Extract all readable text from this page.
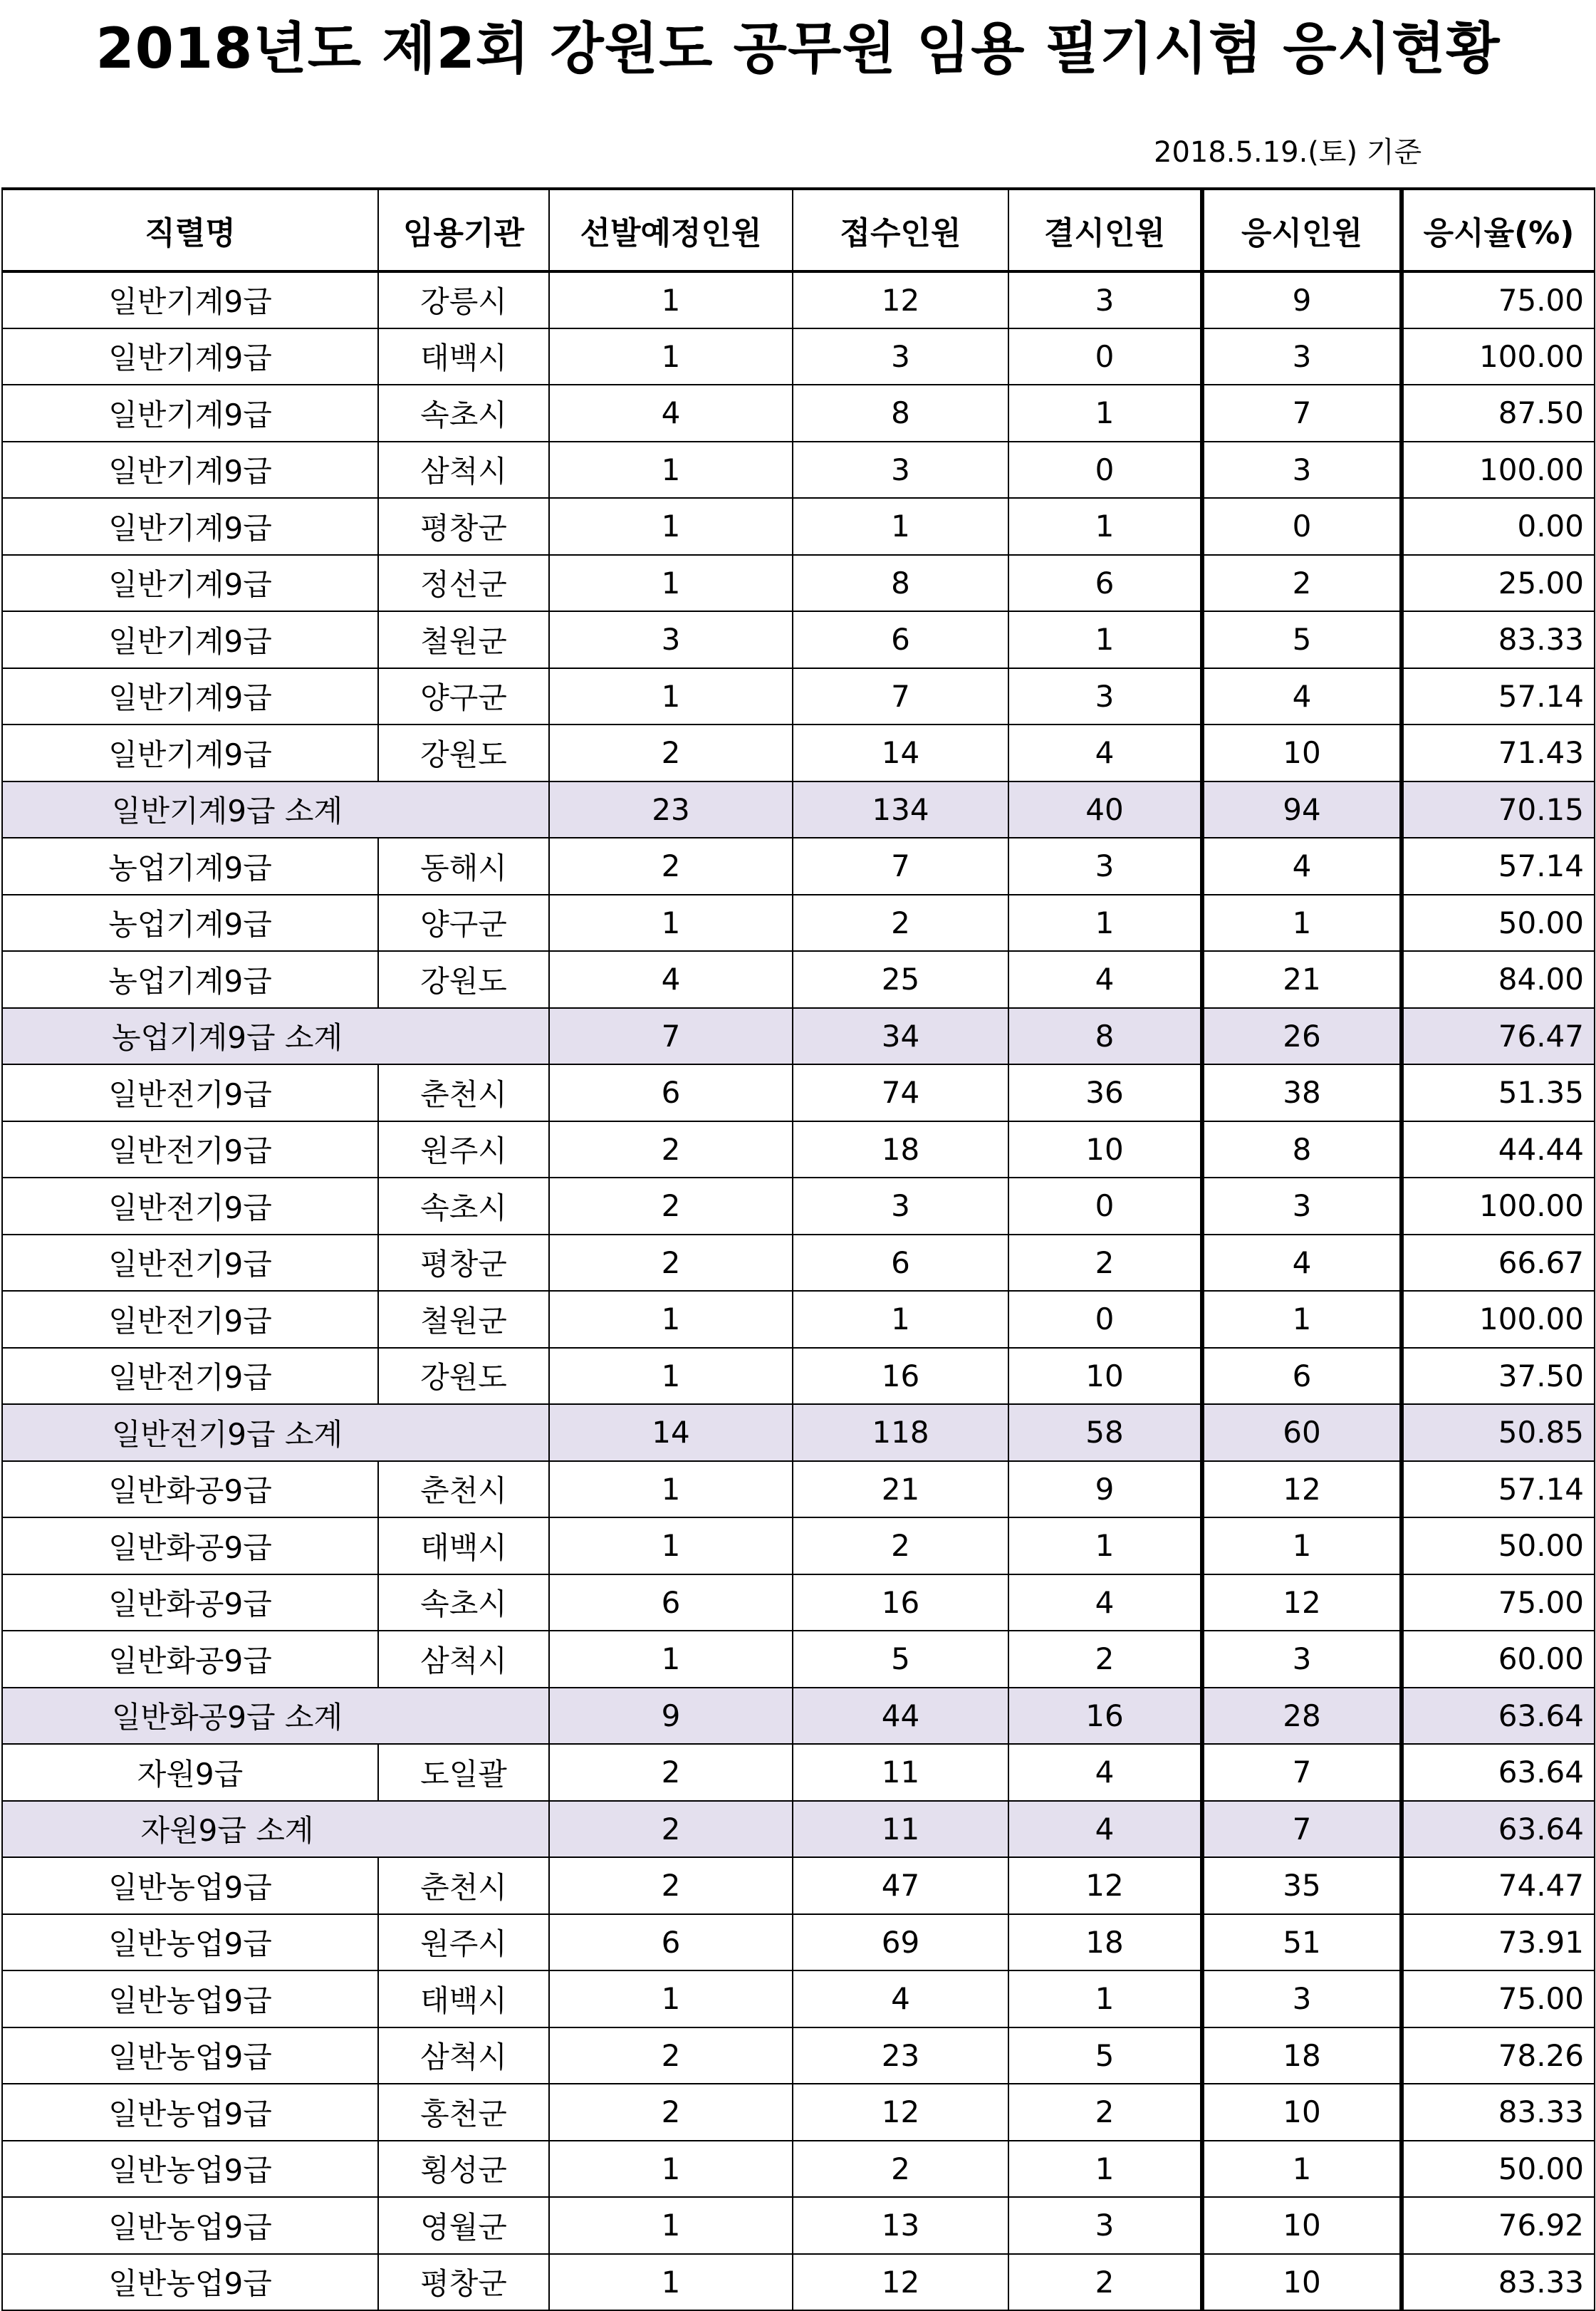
2018년도 제2회 강원도 공무원 임용 필기시험 응시현황
2018.5.19.(토) 기준
직렬명	임용기관	선발예정인원	접수인원	결시인원	응시인원	응시율(%)
일반기계9급	강릉시	1	12	3	9	75.00
일반기계9급	태백시	1	3	0	3	100.00
일반기계9급	속초시	4	8	1	7	87.50
일반기계9급	삼척시	1	3	0	3	100.00
일반기계9급	평창군	1	1	1	0	0.00
일반기계9급	정선군	1	8	6	2	25.00
일반기계9급	철원군	3	6	1	5	83.33
일반기계9급	양구군	1	7	3	4	57.14
일반기계9급	강원도	2	14	4	10	71.43
일반기계9급 소계		23	134	40	94	70.15
농업기계9급	동해시	2	7	3	4	57.14
농업기계9급	양구군	1	2	1	1	50.00
농업기계9급	강원도	4	25	4	21	84.00
농업기계9급 소계		7	34	8	26	76.47
일반전기9급	춘천시	6	74	36	38	51.35
일반전기9급	원주시	2	18	10	8	44.44
일반전기9급	속초시	2	3	0	3	100.00
일반전기9급	평창군	2	6	2	4	66.67
일반전기9급	철원군	1	1	0	1	100.00
일반전기9급	강원도	1	16	10	6	37.50
일반전기9급 소계		14	118	58	60	50.85
일반화공9급	춘천시	1	21	9	12	57.14
일반화공9급	태백시	1	2	1	1	50.00
일반화공9급	속초시	6	16	4	12	75.00
일반화공9급	삼척시	1	5	2	3	60.00
일반화공9급 소계		9	44	16	28	63.64
자원9급	도일괄	2	11	4	7	63.64
자원9급 소계		2	11	4	7	63.64
일반농업9급	춘천시	2	47	12	35	74.47
일반농업9급	원주시	6	69	18	51	73.91
일반농업9급	태백시	1	4	1	3	75.00
일반농업9급	삼척시	2	23	5	18	78.26
일반농업9급	홍천군	2	12	2	10	83.33
일반농업9급	횡성군	1	2	1	1	50.00
일반농업9급	영월군	1	13	3	10	76.92
일반농업9급	평창군	1	12	2	10	83.33
